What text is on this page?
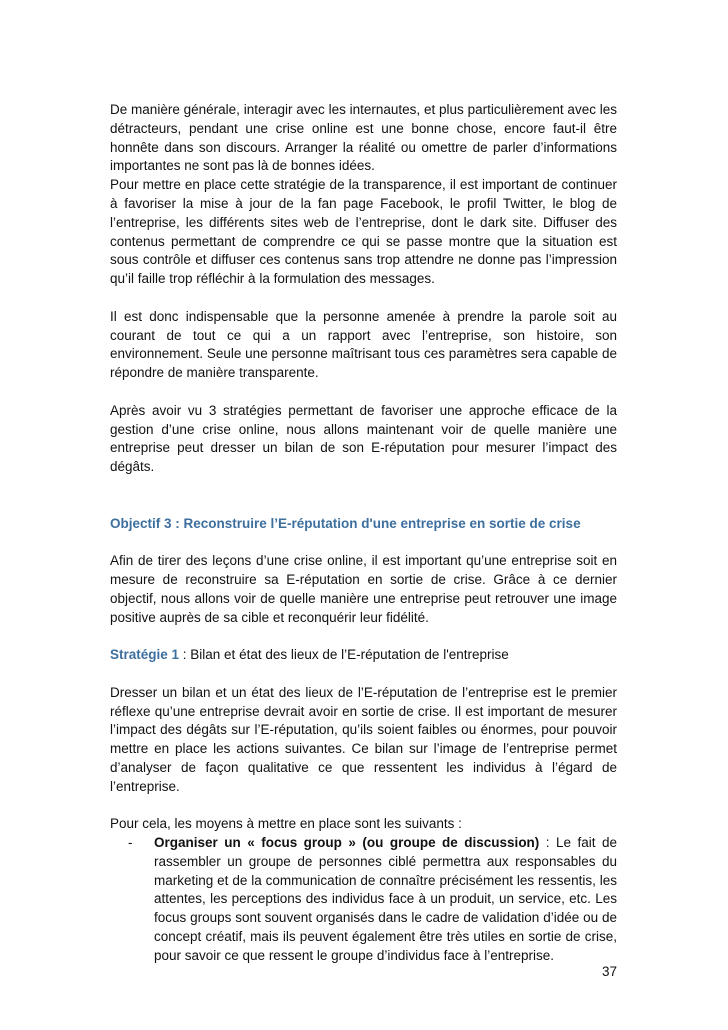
De manière générale, interagir avec les internautes, et plus particulièrement avec les détracteurs, pendant une crise online est une bonne chose, encore faut-il être honnête dans son discours. Arranger la réalité ou omettre de parler d’informations importantes ne sont pas là de bonnes idées.

Pour mettre en place cette stratégie de la transparence, il est important de continuer à favoriser la mise à jour de la fan page Facebook, le profil Twitter, le blog de l’entreprise, les différents sites web de l’entreprise, dont le dark site. Diffuser des contenus permettant de comprendre ce qui se passe montre que la situation est sous contrôle et diffuser ces contenus sans trop attendre ne donne pas l’impression qu’il faille trop réfléchir à la formulation des messages.

Il est donc indispensable que la personne amenée à prendre la parole soit au courant de tout ce qui a un rapport avec l’entreprise, son histoire, son environnement. Seule une personne maîtrisant tous ces paramètres sera capable de répondre de manière transparente.

Après avoir vu 3 stratégies permettant de favoriser une approche efficace de la gestion d’une crise online, nous allons maintenant voir de quelle manière une entreprise peut dresser un bilan de son E-réputation pour mesurer l’impact des dégâts.

Objectif 3 : Reconstruire l’E-réputation d'une entreprise en sortie de crise

Afin de tirer des leçons d’une crise online, il est important qu’une entreprise soit en mesure de reconstruire sa E-réputation en sortie de crise. Grâce à ce dernier objectif, nous allons voir de quelle manière une entreprise peut retrouver une image positive auprès de sa cible et reconquérir leur fidélité.

Stratégie 1 : Bilan et état des lieux de l’E-réputation de l'entreprise

Dresser un bilan et un état des lieux de l’E-réputation de l’entreprise est le premier réflexe qu’une entreprise devrait avoir en sortie de crise. Il est important de mesurer l’impact des dégâts sur l’E-réputation, qu’ils soient faibles ou énormes, pour pouvoir mettre en place les actions suivantes. Ce bilan sur l’image de l’entreprise permet d’analyser de façon qualitative ce que ressentent les individus à l’égard de l’entreprise.

Pour cela, les moyens à mettre en place sont les suivants :

- Organiser un « focus group » (ou groupe de discussion) : Le fait de rassembler un groupe de personnes ciblé permettra aux responsables du marketing et de la communication de connaître précisément les ressentis, les attentes, les perceptions des individus face à un produit, un service, etc. Les focus groups sont souvent organisés dans le cadre de validation d’idée ou de concept créatif, mais ils peuvent également être très utiles en sortie de crise, pour savoir ce que ressent le groupe d’individus face à l’entreprise.
37
